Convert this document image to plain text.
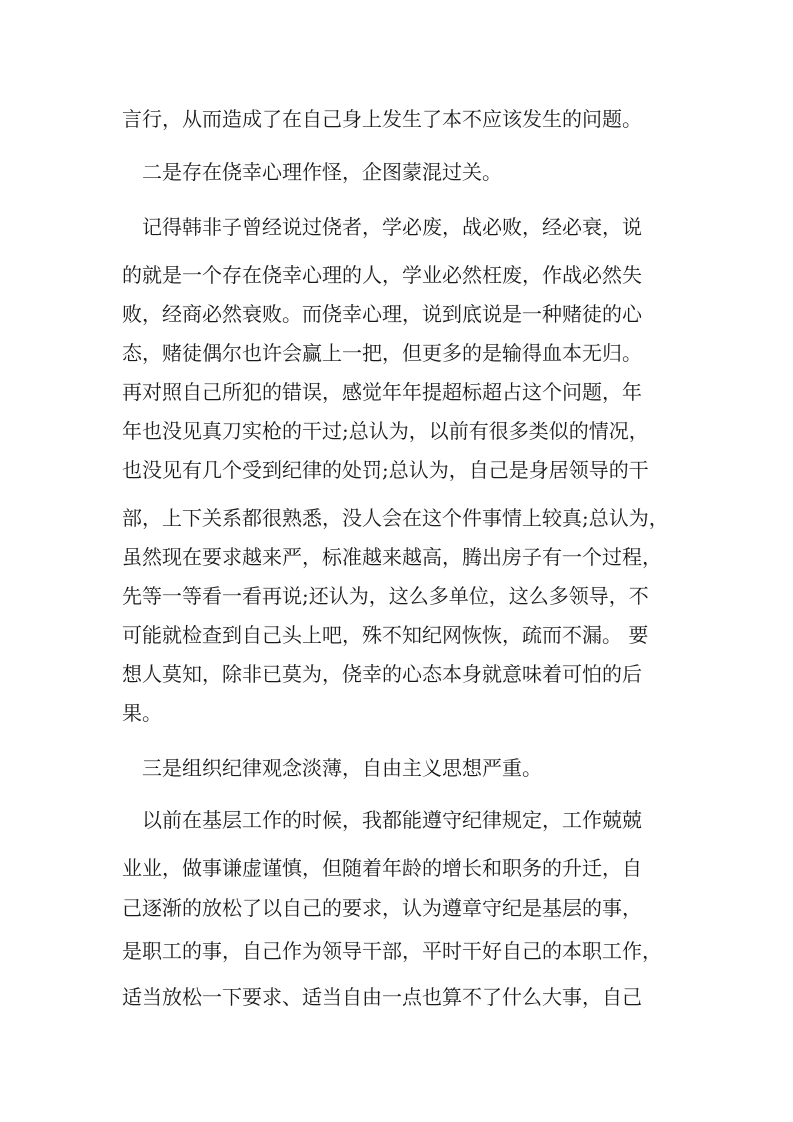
言行，从而造成了在自己身上发生了本不应该发生的问题。
　二是存在侥幸心理作怪，企图蒙混过关。
　记得韩非子曾经说过侥者，学必废，战必败，经必衰，说
的就是一个存在侥幸心理的人，学业必然枉废，作战必然失
败，经商必然衰败。而侥幸心理，说到底说是一种赌徒的心
态，赌徒偶尔也许会赢上一把，但更多的是输得血本无归。
再对照自己所犯的错误，感觉年年提超标超占这个问题，年
年也没见真刀实枪的干过;总认为，以前有很多类似的情况，
也没见有几个受到纪律的处罚;总认为，自己是身居领导的干
部，上下关系都很熟悉，没人会在这个件事情上较真;总认为，
虽然现在要求越来严，标准越来越高，腾出房子有一个过程，
先等一等看一看再说;还认为，这么多单位，这么多领导，不
可能就检查到自己头上吧，殊不知纪网恢恢，疏而不漏。 要
想人莫知，除非已莫为，侥幸的心态本身就意味着可怕的后
果。
　三是组织纪律观念淡薄，自由主义思想严重。
　以前在基层工作的时候，我都能遵守纪律规定，工作兢兢
业业，做事谦虚谨慎，但随着年龄的增长和职务的升迁，自
己逐渐的放松了以自己的要求，认为遵章守纪是基层的事，
是职工的事，自己作为领导干部，平时干好自己的本职工作，
适当放松一下要求、适当自由一点也算不了什么大事，自己
